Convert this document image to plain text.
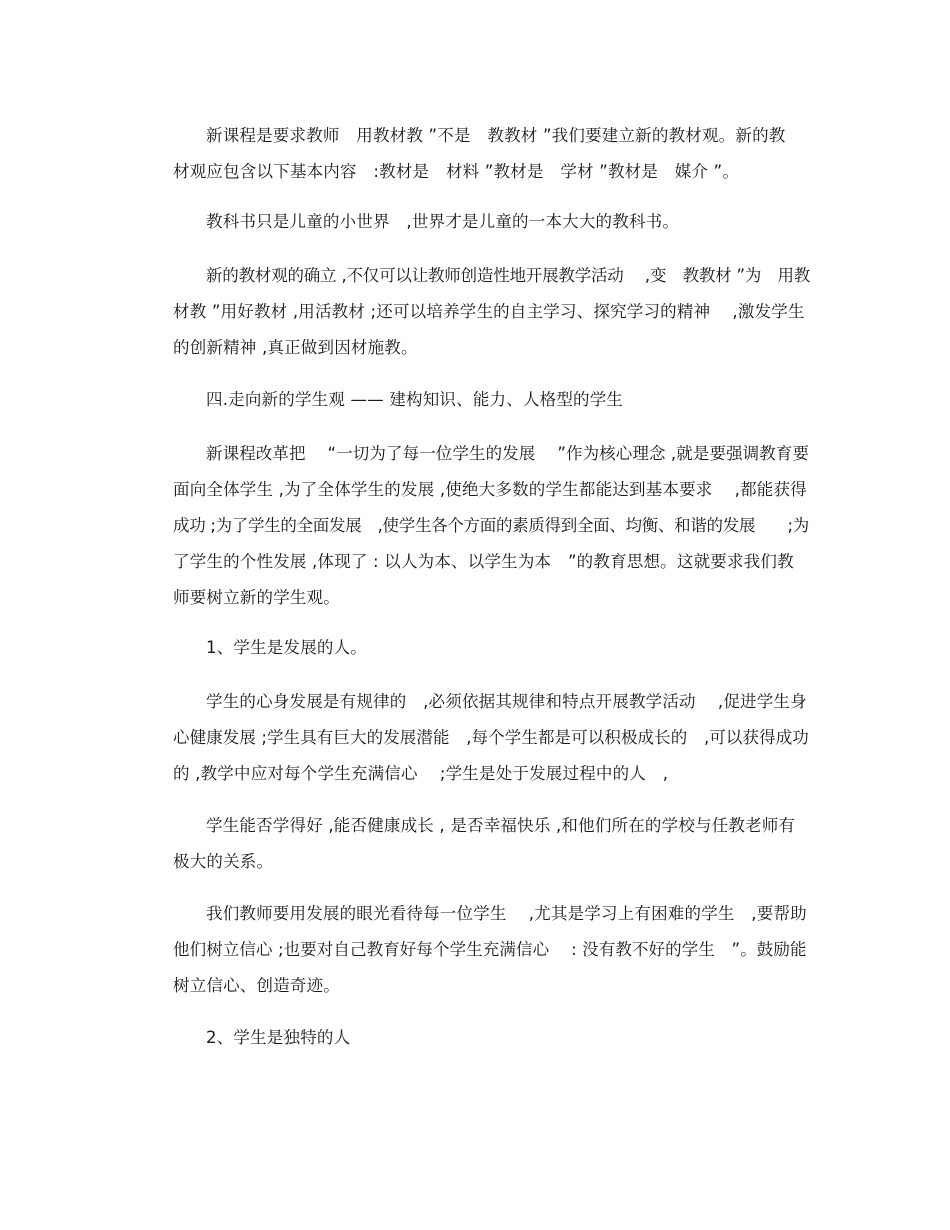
新课程是要求教师　用教材教 ”不是　教教材 ”我们要建立新的教材观。新的教
材观应包含以下基本内容　:教材是　材料 ”教材是　学材 ”教材是　媒介 ”。
教科书只是儿童的小世界　,世界才是儿童的一本大大的教科书。
新的教材观的确立 ,不仅可以让教师创造性地开展教学活动　 ,变　教教材 ”为　用教
材教 ”用好教材 ,用活教材 ;还可以培养学生的自主学习、探究学习的精神　 ,激发学生
的创新精神 ,真正做到因材施教。
四.走向新的学生观 —— 建构知识、能力、人格型的学生
新课程改革把　 “一切为了每一位学生的发展　 ”作为核心理念 ,就是要强调教育要
面向全体学生 ,为了全体学生的发展 ,使绝大多数的学生都能达到基本要求　 ,都能获得
成功 ;为了学生的全面发展　,使学生各个方面的素质得到全面、均衡、和谐的发展　　;为
了学生的个性发展 ,体现了 : 以人为本、以学生为本　”的教育思想。这就要求我们教
师要树立新的学生观。
1、学生是发展的人。
学生的心身发展是有规律的　,必须依据其规律和特点开展教学活动　 ,促进学生身
心健康发展 ;学生具有巨大的发展潜能　,每个学生都是可以积极成长的　,可以获得成功
的 ,教学中应对每个学生充满信心　 ;学生是处于发展过程中的人　,
学生能否学得好 ,能否健康成长 , 是否幸福快乐 ,和他们所在的学校与任教老师有
极大的关系。
我们教师要用发展的眼光看待每一位学生　 ,尤其是学习上有困难的学生　,要帮助
他们树立信心 ;也要对自己教育好每个学生充满信心　 : 没有教不好的学生　”。鼓励能
树立信心、创造奇迹。
2、学生是独特的人
